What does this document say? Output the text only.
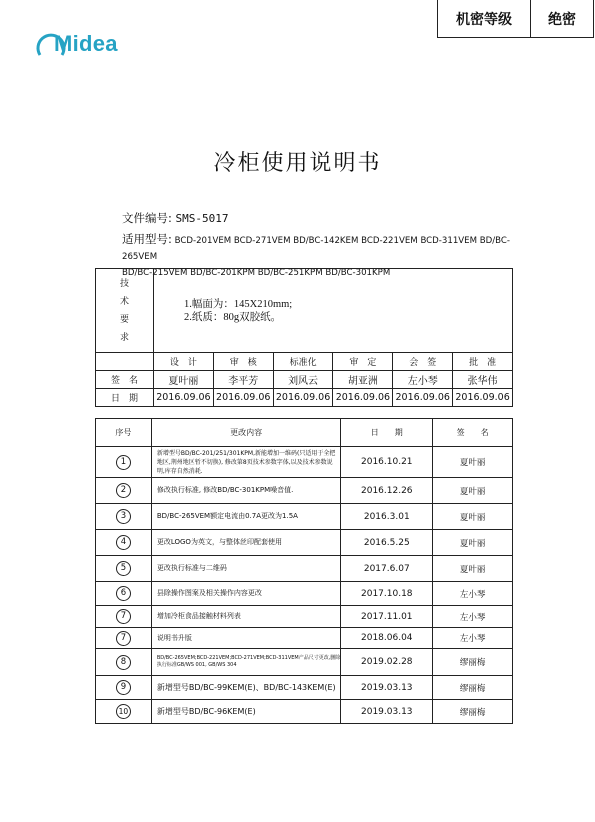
Midea
机密等级	绝密
冷柜使用说明书
文件编号: SMS-5017
适用型号: BCD-201VEM BCD-271VEM BD/BC-142KEM BCD-221VEM BCD-311VEM BD/BC-265VEM
BD/BC-215VEM BD/BC-201KPM BD/BC-251KPM BD/BC-301KPM
技
术
要
求	1.幅面为：145X210mm;
2.纸质：80g双胶纸。					
	设　计	审　核	标准化	审　定	会　签	批　准
签　名	夏叶丽	李平芳	刘风云	胡亚洲	左小琴	张华伟
日　期	2016.09.06	2016.09.06	2016.09.06	2016.09.06	2016.09.06	2016.09.06
序号	更改内容	日　　期	签　　名
1	新增型号BD/BC-201/251/301KPM,新能增加一维码(只适用于全把地区,荆州地区暂不切换), 修改第8页技术参数字体,以及技术参数说明,库存自然消耗.	2016.10.21	夏叶丽
2	修改执行标准, 修改BD/BC-301KPM噪音值.	2016.12.26	夏叶丽
3	BD/BC-265VEM额定电流由0.7A更改为1.5A	2016.3.01	夏叶丽
4	更改LOGO为英文，与整体丝印配套使用	2016.5.25	夏叶丽
5	更改执行标准与二维码	2017.6.07	夏叶丽
6	县除操作图案及相关操作内容更改	2017.10.18	左小琴
7	增加冷柜食品接触材料列表	2017.11.01	左小琴
7	说明书升版	2018.06.04	左小琴
8	BD/BC-265VEM;BCD-221VEM;BCD-271VEM;BCD-311VEM产品尺寸更改,删除执行标准GB/WS 001, GB/WS 304	2019.02.28	缪丽梅
9	新增型号BD/BC-99KEM(E)、BD/BC-143KEM(E)	2019.03.13	缪丽梅
10	新增型号BD/BC-96KEM(E)	2019.03.13	缪丽梅
